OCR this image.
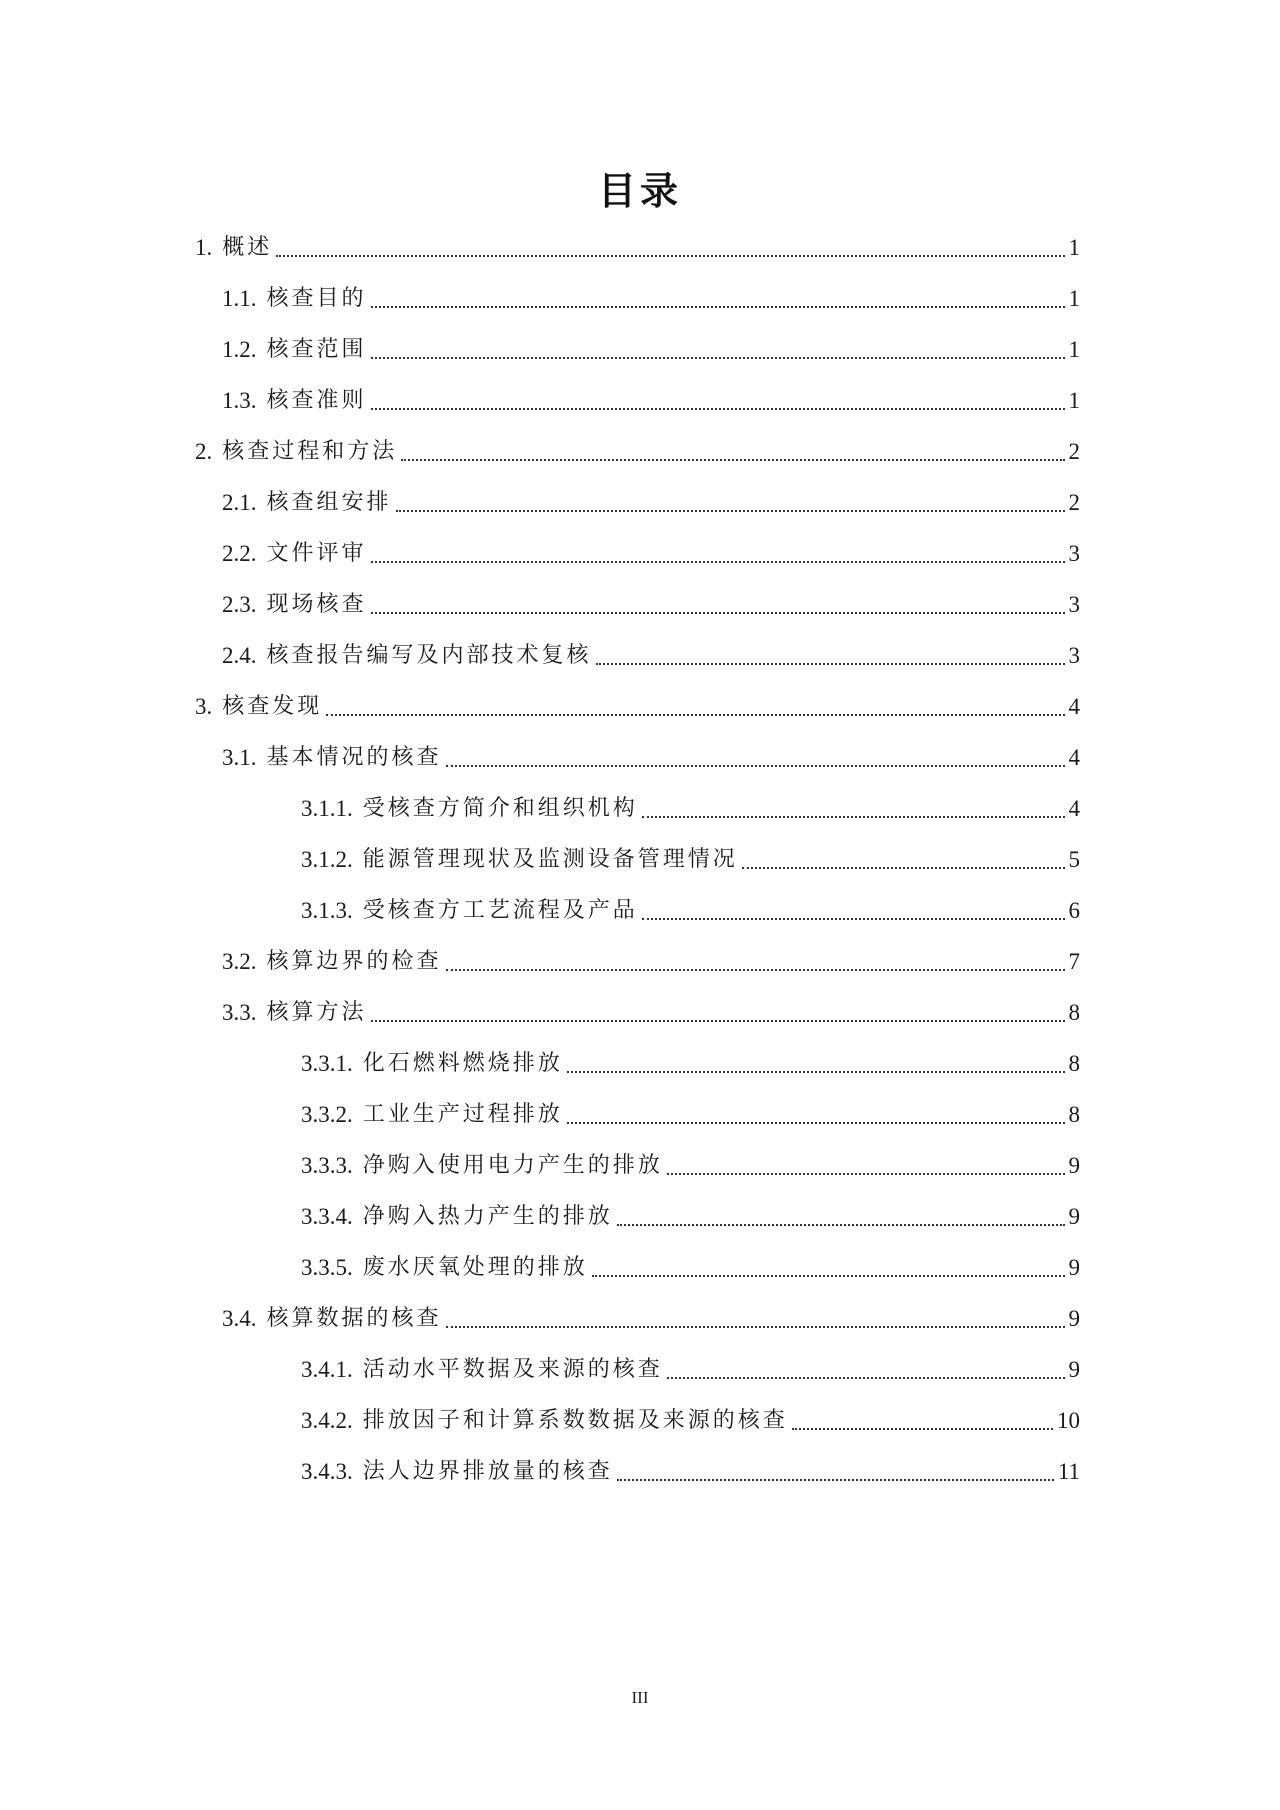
目录
1. 概述	1
1.1. 核查目的	1
1.2. 核查范围	1
1.3. 核查准则	1
2. 核查过程和方法	2
2.1. 核查组安排	2
2.2. 文件评审	3
2.3. 现场核查	3
2.4. 核查报告编写及内部技术复核	3
3. 核查发现	4
3.1. 基本情况的核查	4
3.1.1. 受核查方简介和组织机构	4
3.1.2. 能源管理现状及监测设备管理情况	5
3.1.3. 受核查方工艺流程及产品	6
3.2. 核算边界的检查	7
3.3. 核算方法	8
3.3.1. 化石燃料燃烧排放	8
3.3.2. 工业生产过程排放	8
3.3.3. 净购入使用电力产生的排放	9
3.3.4. 净购入热力产生的排放	9
3.3.5. 废水厌氧处理的排放	9
3.4. 核算数据的核查	9
3.4.1. 活动水平数据及来源的核查	9
3.4.2. 排放因子和计算系数数据及来源的核查	10
3.4.3. 法人边界排放量的核查	11
III
